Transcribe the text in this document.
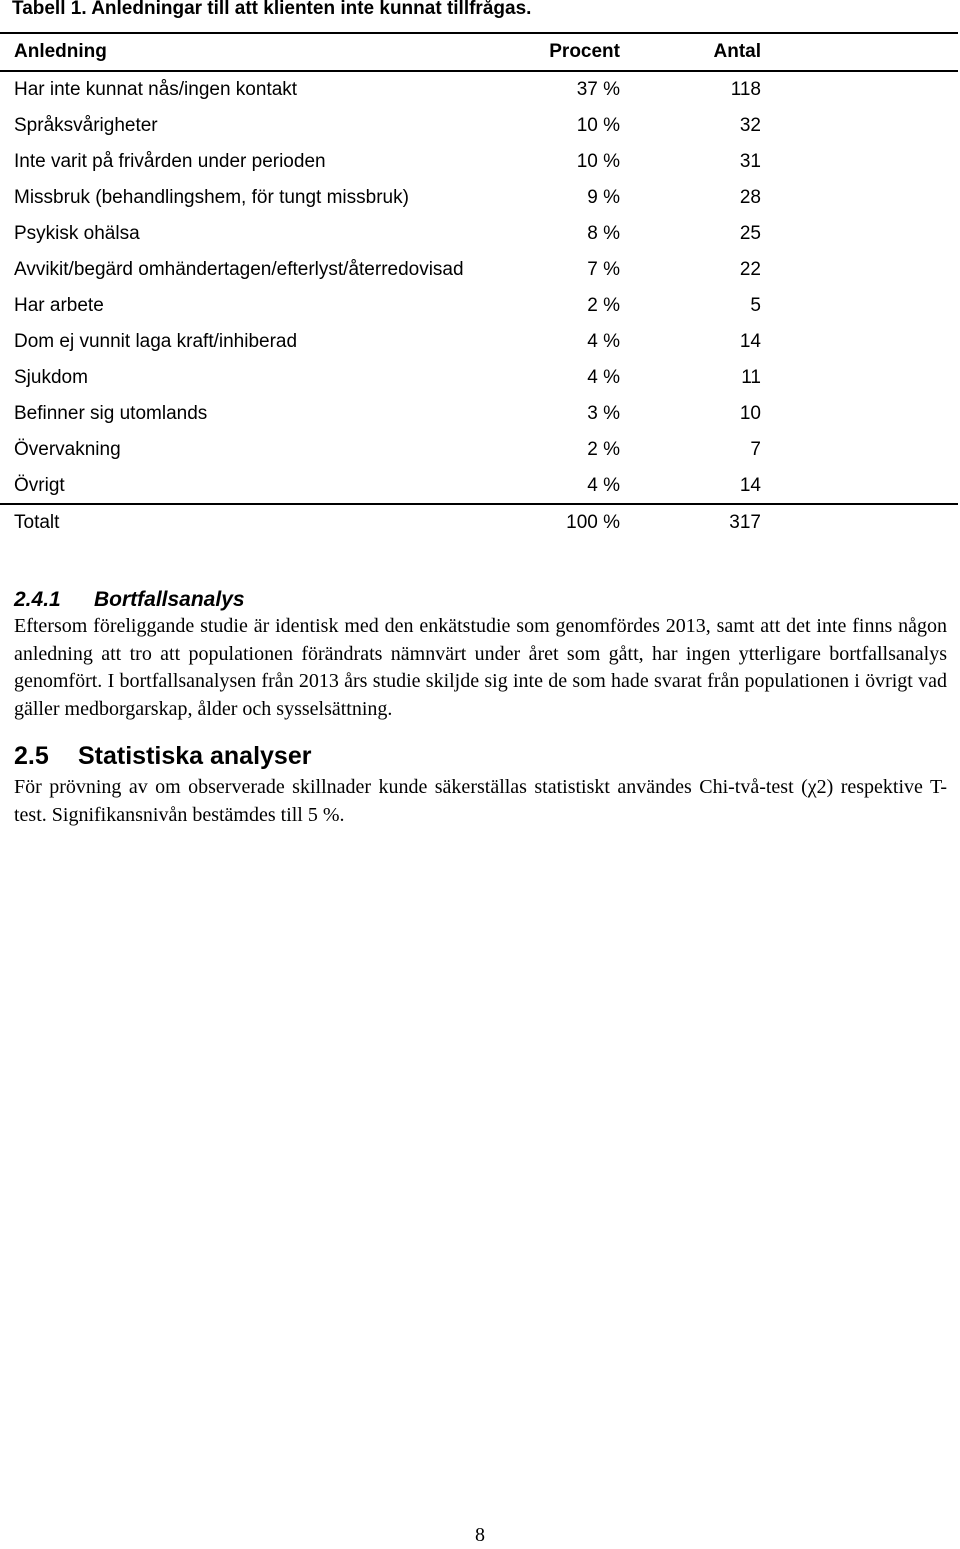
Tabell 1. Anledningar till att klienten inte kunnat tillfrågas.
Anledning	Procent	Antal
Har inte kunnat nås/ingen kontakt	37 %	118
Språksvårigheter	10 %	32
Inte varit på frivården under perioden	10 %	31
Missbruk (behandlingshem, för tungt missbruk)	9 %	28
Psykisk ohälsa	8 %	25
Avvikit/begärd omhändertagen/efterlyst/återredovisad	7 %	22
Har arbete	2 %	5
Dom ej vunnit laga kraft/inhiberad	4 %	14
Sjukdom	4 %	11
Befinner sig utomlands	3 %	10
Övervakning	2 %	7
Övrigt	4 %	14
Totalt	100 %	317
2.4.1 Bortfallsanalys
Eftersom föreliggande studie är identisk med den enkätstudie som genomfördes 2013, samt att det inte finns någon anledning att tro att populationen förändrats nämnvärt under året som gått, har ingen ytterligare bortfallsanalys genomfört. I bortfallsanalysen från 2013 års studie skiljde sig inte de som hade svarat från populationen i övrigt vad gäller medborgarskap, ålder och sysselsättning.
2.5 Statistiska analyser
För prövning av om observerade skillnader kunde säkerställas statistiskt användes Chi-två-test (χ2) respektive T-test. Signifikansnivån bestämdes till 5 %.
8
